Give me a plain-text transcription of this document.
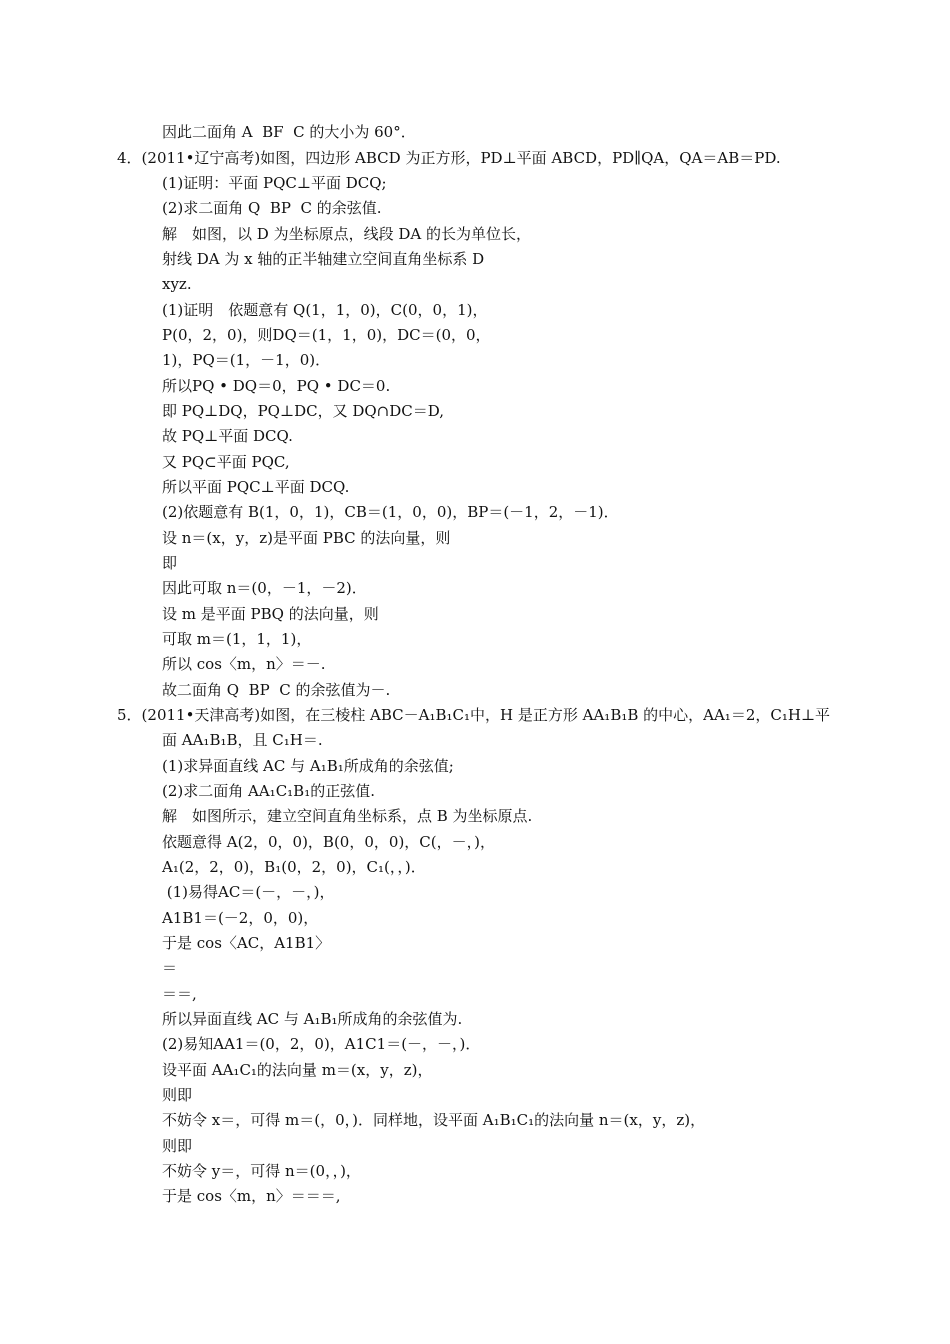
因此二面角 A  BF  C 的大小为 60°．
4．(2011•辽宁高考)如图，四边形 ABCD 为正方形，PD⊥平面 ABCD，PD∥QA，QA＝AB＝PD.
(1)证明：平面 PQC⊥平面 DCQ;
(2)求二面角 Q  BP  C 的余弦值.
解　如图，以 D 为坐标原点，线段 DA 的长为单位长，
射线 DA 为 x 轴的正半轴建立空间直角坐标系 D
xyz.
(1)证明　依题意有 Q(1，1，0)，C(0，0，1)，
P(0，2，0)，则DQ＝(1，1，0)，DC＝(0，0，
1)，PQ＝(1，－1，0)．
所以PQ • DQ＝0，PQ • DC＝0.
即 PQ⊥DQ，PQ⊥DC，又 DQ∩DC＝D,
故 PQ⊥平面 DCQ.
又 PQ⊂平面 PQC,
所以平面 PQC⊥平面 DCQ.
(2)依题意有 B(1，0，1)，CB＝(1，0，0)，BP＝(－1，2，－1)．
设 n＝(x，y，z)是平面 PBC 的法向量，则
即
因此可取 n＝(0，－1，－2)．
设 m 是平面 PBQ 的法向量，则
可取 m＝(1，1，1)，
所以 cos〈m，n〉＝－.
故二面角 Q  BP  C 的余弦值为－.
5．(2011•天津高考)如图，在三棱柱 ABC－A₁B₁C₁中，H 是正方形 AA₁B₁B 的中心，AA₁＝2，C₁H⊥平
面 AA₁B₁B，且 C₁H＝.
(1)求异面直线 AC 与 A₁B₁所成角的余弦值;
(2)求二面角 AA₁C₁B₁的正弦值.
解　如图所示，建立空间直角坐标系，点 B 为坐标原点.
依题意得 A(2，0，0)，B(0，0，0)，C(，－，)，
A₁(2，2，0)，B₁(0，2，0)，C₁(，，)．
(1)易得AC＝(－，－，)，
A1B1＝(－2，0，0)，
于是 cos〈AC，A1B1〉
＝
＝＝,
所以异面直线 AC 与 A₁B₁所成角的余弦值为.
(2)易知AA1＝(0，2，0)，A1C1＝(－，－，)．
设平面 AA₁C₁的法向量 m＝(x，y，z)，
则即
不妨令 x＝，可得 m＝(，0，)．同样地，设平面 A₁B₁C₁的法向量 n＝(x，y，z)，
则即
不妨令 y＝，可得 n＝(0，，)，
于是 cos〈m，n〉＝＝＝,
